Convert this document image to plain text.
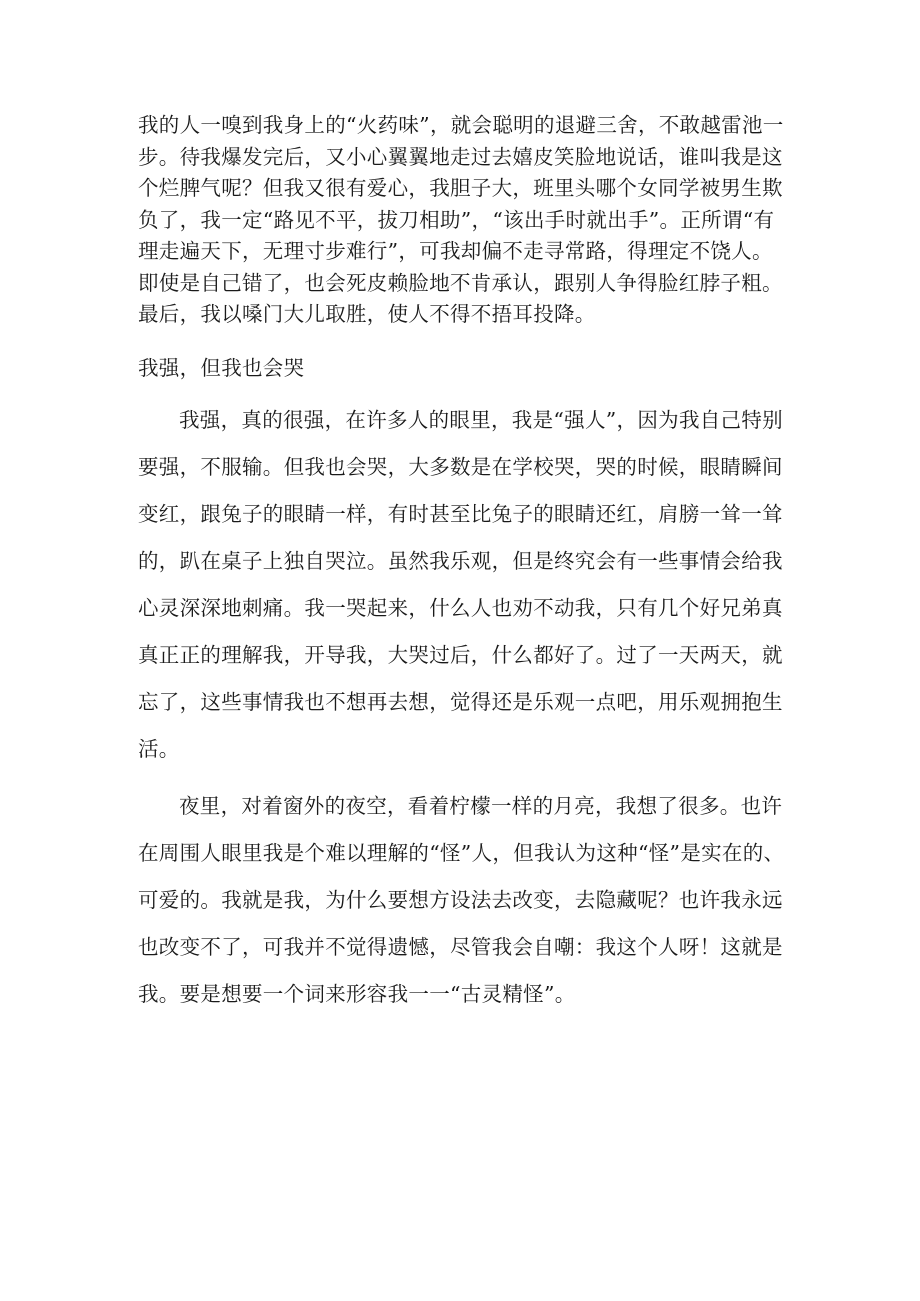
我的人一嗅到我身上的“火药味”，就会聪明的退避三舍，不敢越雷池一步。待我爆发完后，又小心翼翼地走过去嬉皮笑脸地说话，谁叫我是这个烂脾气呢？但我又很有爱心，我胆子大，班里头哪个女同学被男生欺负了，我一定“路见不平，拔刀相助”，“该出手时就出手”。正所谓“有理走遍天下，无理寸步难行”，可我却偏不走寻常路，得理定不饶人。即使是自己错了，也会死皮赖脸地不肯承认，跟别人争得脸红脖子粗。最后，我以嗓门大儿取胜，使人不得不捂耳投降。

我强，但我也会哭

我强，真的很强，在许多人的眼里，我是“强人”，因为我自己特别要强，不服输。但我也会哭，大多数是在学校哭，哭的时候，眼睛瞬间变红，跟兔子的眼睛一样，有时甚至比兔子的眼睛还红，肩膀一耸一耸的，趴在桌子上独自哭泣。虽然我乐观，但是终究会有一些事情会给我心灵深深地刺痛。我一哭起来，什么人也劝不动我，只有几个好兄弟真真正正的理解我，开导我，大哭过后，什么都好了。过了一天两天，就忘了，这些事情我也不想再去想，觉得还是乐观一点吧，用乐观拥抱生活。

夜里，对着窗外的夜空，看着柠檬一样的月亮，我想了很多。也许在周围人眼里我是个难以理解的“怪”人，但我认为这种“怪”是实在的、可爱的。我就是我，为什么要想方设法去改变，去隐藏呢？也许我永远也改变不了，可我并不觉得遗憾，尽管我会自嘲：我这个人呀！这就是我。要是想要一个词来形容我一一“古灵精怪”。
